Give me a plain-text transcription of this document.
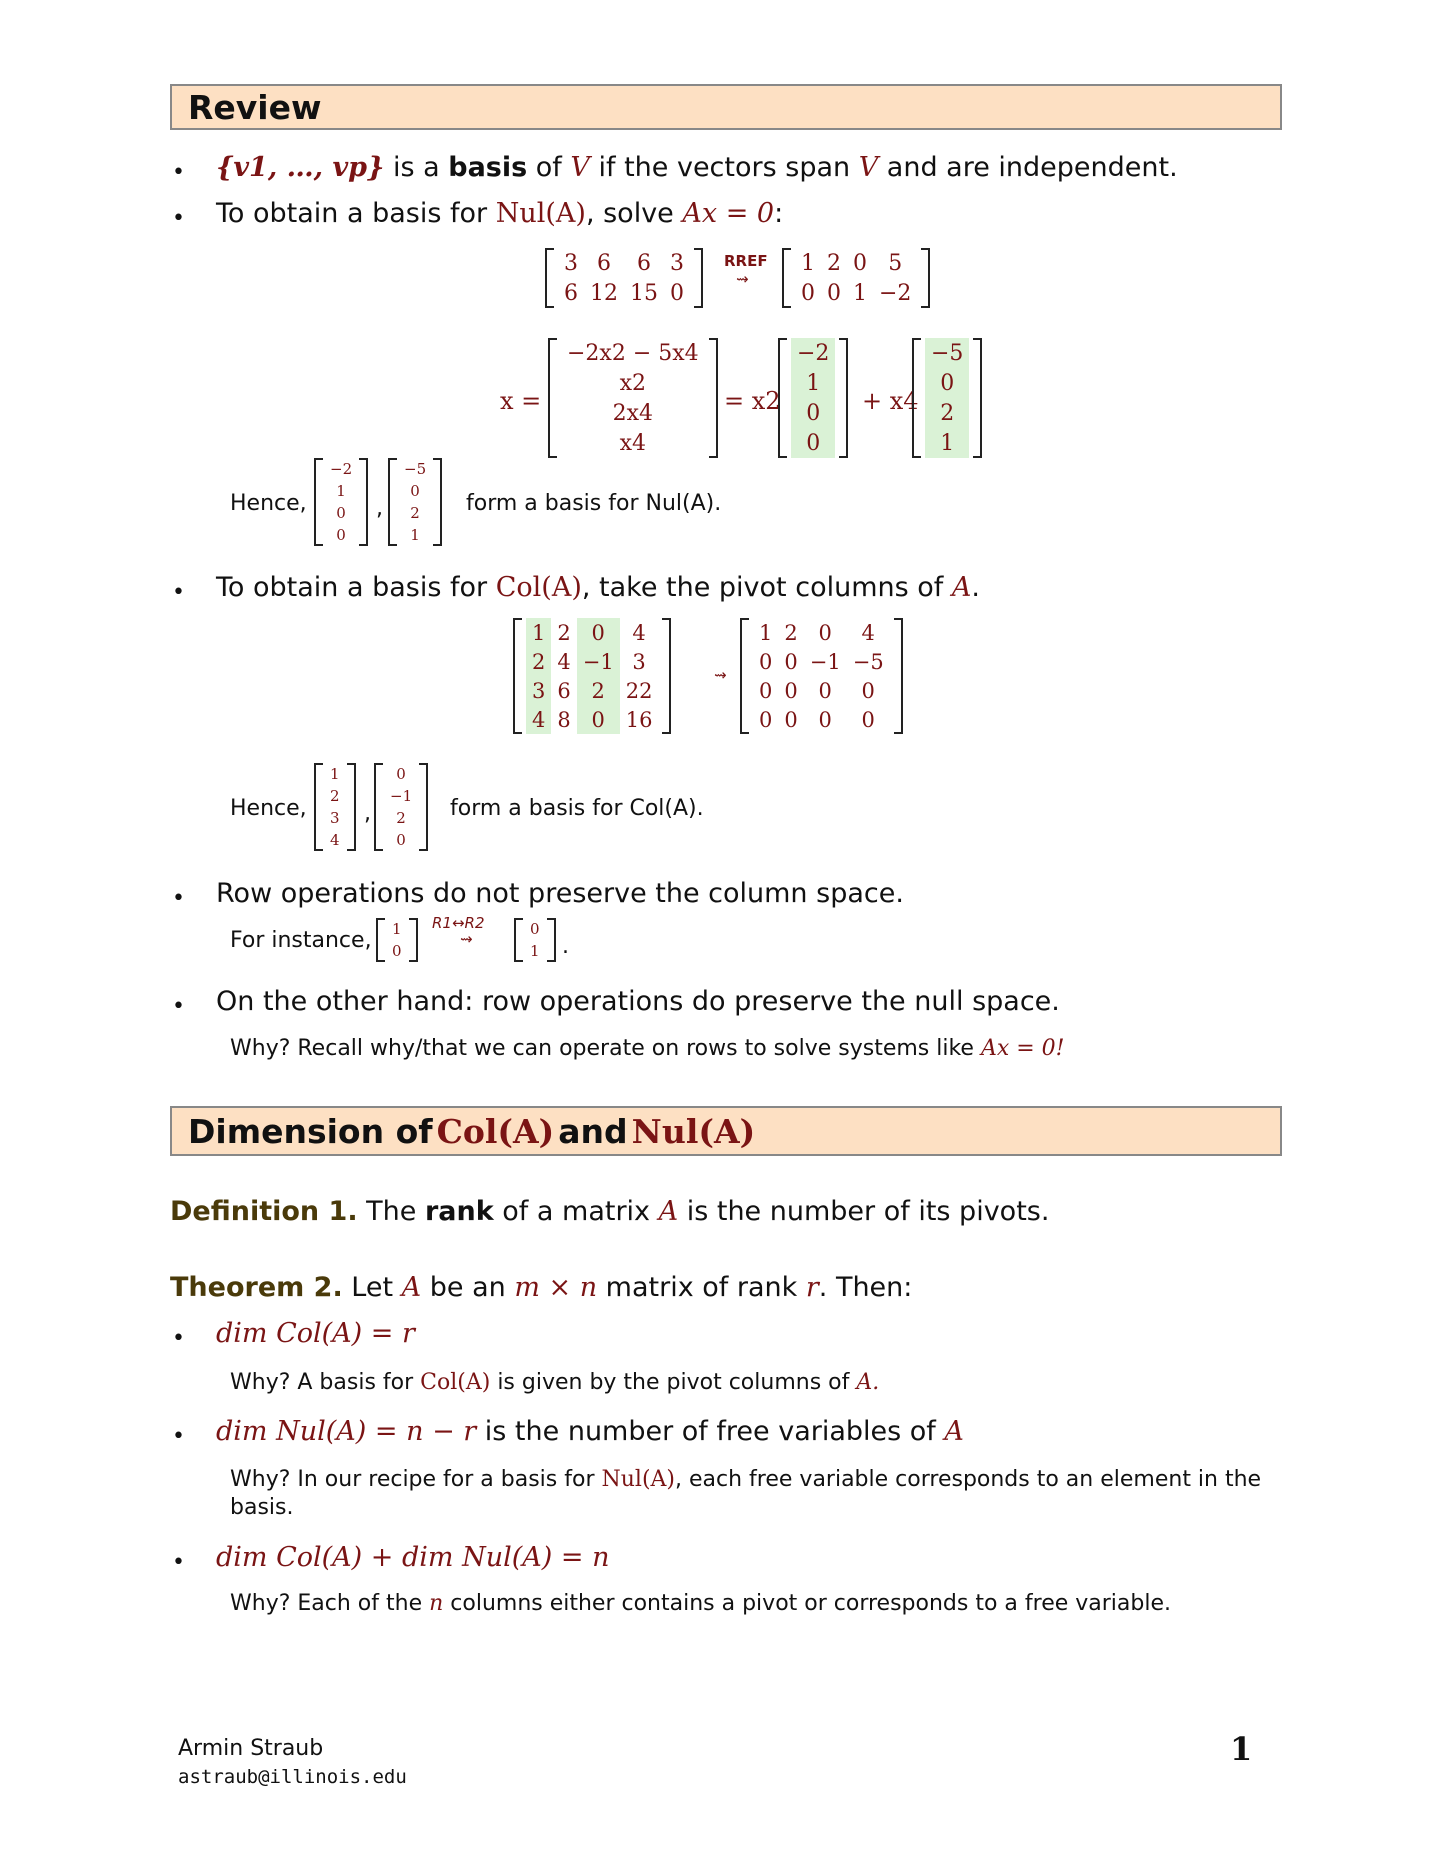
Review
• {v1, …, vp} is a basis of V if the vectors span V and are independent.
• To obtain a basis for Nul(A), solve Ax = 0:
3	6	6	3
6	12	15	0
RREF
⇝
1	2	0	5
0	0	1	−2
x =
−2x2 − 5x4
x2
2x4
x4
= x2
−2
1
0
0
+ x4
−5
0
2
1
Hence,
−2
1
0
0
,
−5
0
2
1
form a basis for Nul(A).
• To obtain a basis for Col(A), take the pivot columns of A.
1	2	0	4
2	4	−1	3
3	6	2	22
4	8	0	16
⇝
1	2	0	4
0	0	−1	−5
0	0	0	0
0	0	0	0
Hence,
1
2
3
4
,
0
−1
2
0
form a basis for Col(A).
• Row operations do not preserve the column space.
For instance, 1
0
R1↔R2
⇝
0
1 .
• On the other hand: row operations do preserve the null space.
Why? Recall why/that we can operate on rows to solve systems like Ax = 0!
Dimension of Col(A) and Nul(A)
Definition 1. The rank of a matrix A is the number of its pivots.
Theorem 2. Let A be an m × n matrix of rank r. Then:
• dim Col(A) = r
Why? A basis for Col(A) is given by the pivot columns of A.
• dim Nul(A) = n − r is the number of free variables of A
Why? In our recipe for a basis for Nul(A), each free variable corresponds to an element in the
basis.
• dim Col(A) + dim Nul(A) = n
Why? Each of the n columns either contains a pivot or corresponds to a free variable.
Armin Straub
astraub@illinois.edu
1
